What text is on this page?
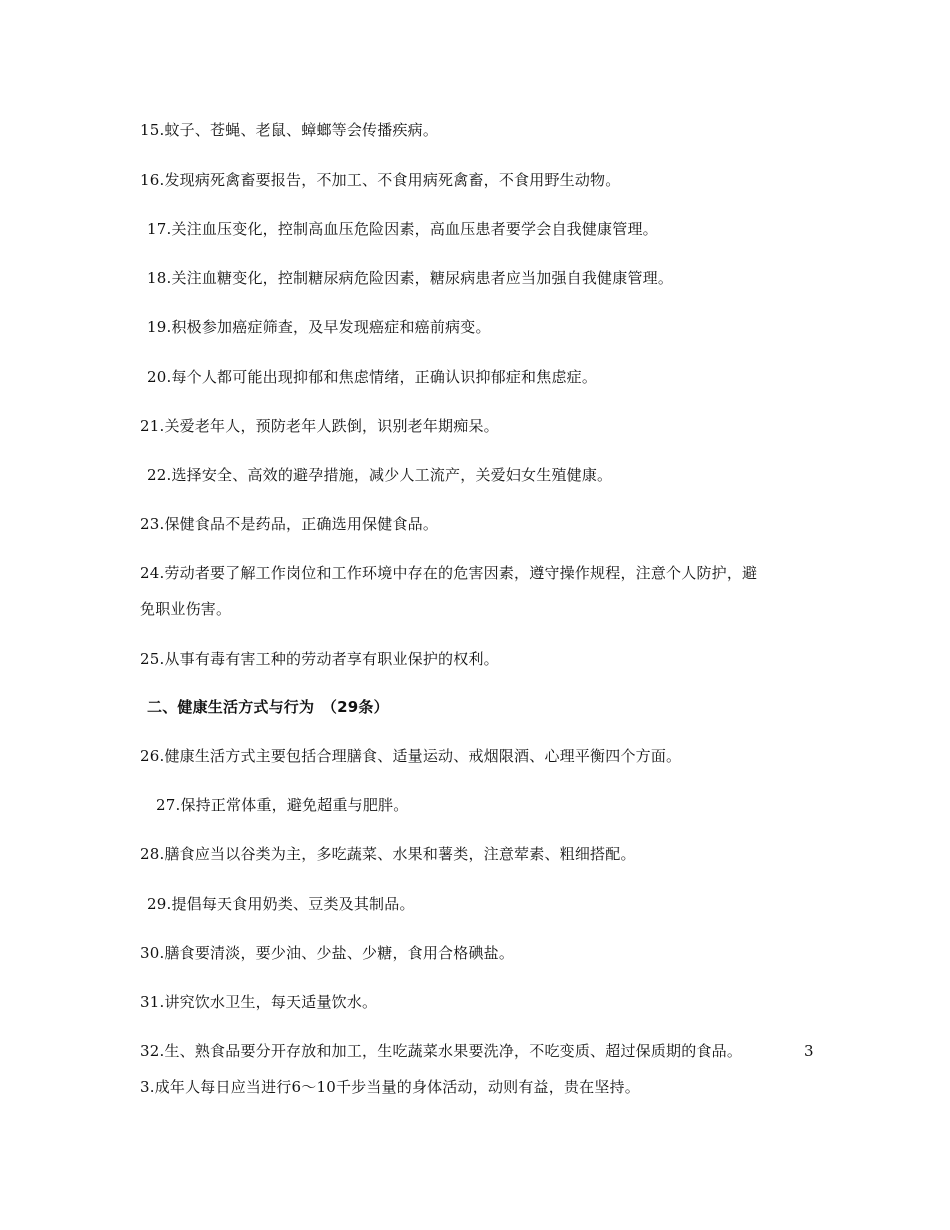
15.蚊子、苍蝇、老鼠、蟑螂等会传播疾病。
16.发现病死禽畜要报告，不加工、不食用病死禽畜，不食用野生动物。
17.关注血压变化，控制高血压危险因素，高血压患者要学会自我健康管理。
18.关注血糖变化，控制糖尿病危险因素，糖尿病患者应当加强自我健康管理。
19.积极参加癌症筛查，及早发现癌症和癌前病变。
20.每个人都可能出现抑郁和焦虑情绪，正确认识抑郁症和焦虑症。
21.关爱老年人，预防老年人跌倒，识别老年期痴呆。
22.选择安全、高效的避孕措施，减少人工流产，关爱妇女生殖健康。
23.保健食品不是药品，正确选用保健食品。
24.劳动者要了解工作岗位和工作环境中存在的危害因素，遵守操作规程，注意个人防护，避
免职业伤害。
25.从事有毒有害工种的劳动者享有职业保护的权利。
二、健康生活方式与行为　（29条）
26.健康生活方式主要包括合理膳食、适量运动、戒烟限酒、心理平衡四个方面。
27.保持正常体重，避免超重与肥胖。
28.膳食应当以谷类为主，多吃蔬菜、水果和薯类，注意荤素、粗细搭配。
29.提倡每天食用奶类、豆类及其制品。
30.膳食要清淡，要少油、少盐、少糖，食用合格碘盐。
31.讲究饮水卫生，每天适量饮水。
32.生、熟食品要分开存放和加工，生吃蔬菜水果要洗净，不吃变质、超过保质期的食品。	3
3.成年人每日应当进行6～10千步当量的身体活动，动则有益，贵在坚持。
